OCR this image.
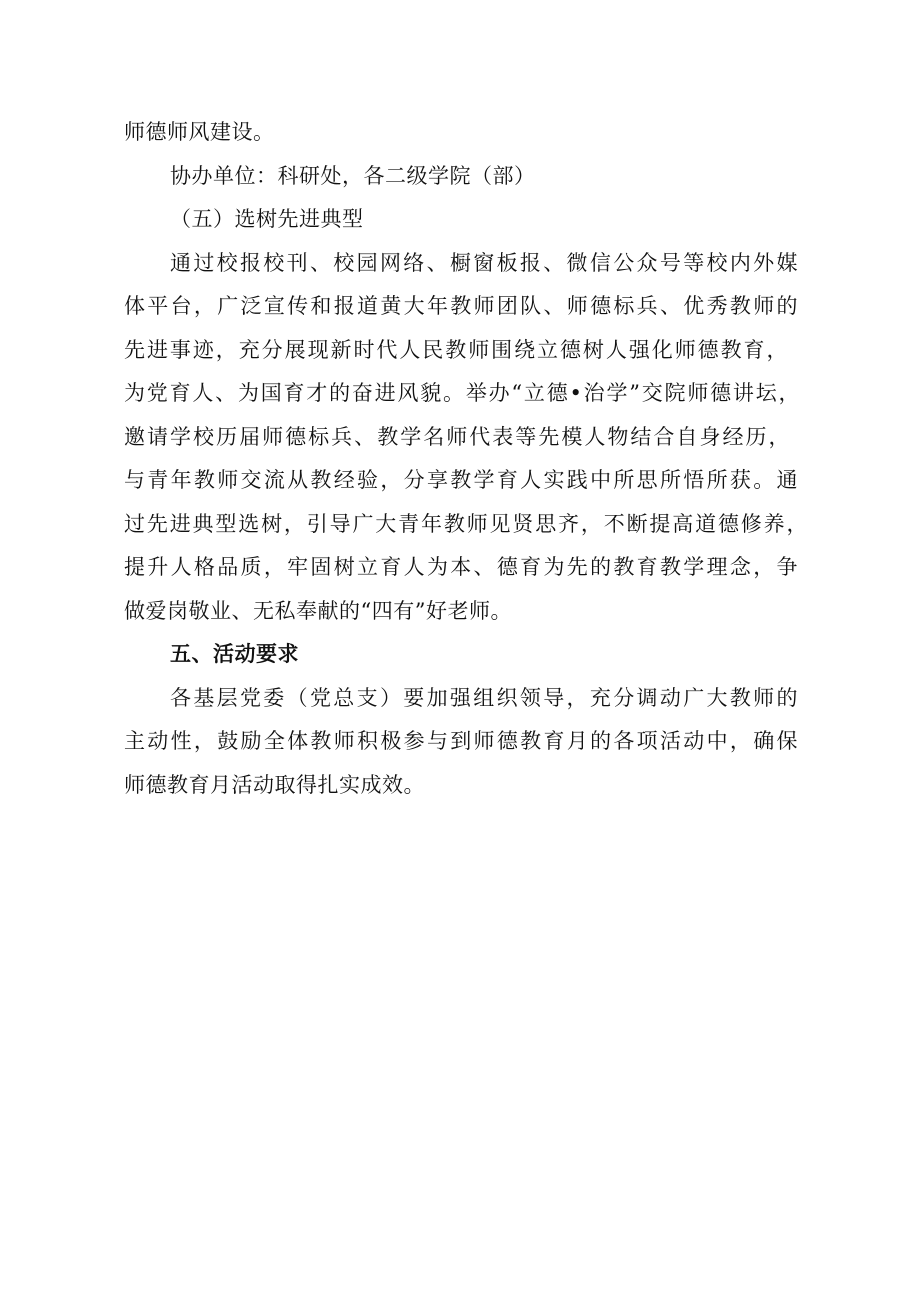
师德师风建设。
协办单位：科研处，各二级学院（部）
（五）选树先进典型
通过校报校刊、校园网络、橱窗板报、微信公众号等校内外媒
体平台，广泛宣传和报道黄大年教师团队、师德标兵、优秀教师的
先进事迹，充分展现新时代人民教师围绕立德树人强化师德教育，
为党育人、为国育才的奋进风貌。举办“立德•治学”交院师德讲坛，
邀请学校历届师德标兵、教学名师代表等先模人物结合自身经历，
与青年教师交流从教经验，分享教学育人实践中所思所悟所获。通
过先进典型选树，引导广大青年教师见贤思齐，不断提高道德修养，
提升人格品质，牢固树立育人为本、德育为先的教育教学理念，争
做爱岗敬业、无私奉献的“四有”好老师。
五、活动要求
各基层党委（党总支）要加强组织领导，充分调动广大教师的
主动性，鼓励全体教师积极参与到师德教育月的各项活动中，确保
师德教育月活动取得扎实成效。
